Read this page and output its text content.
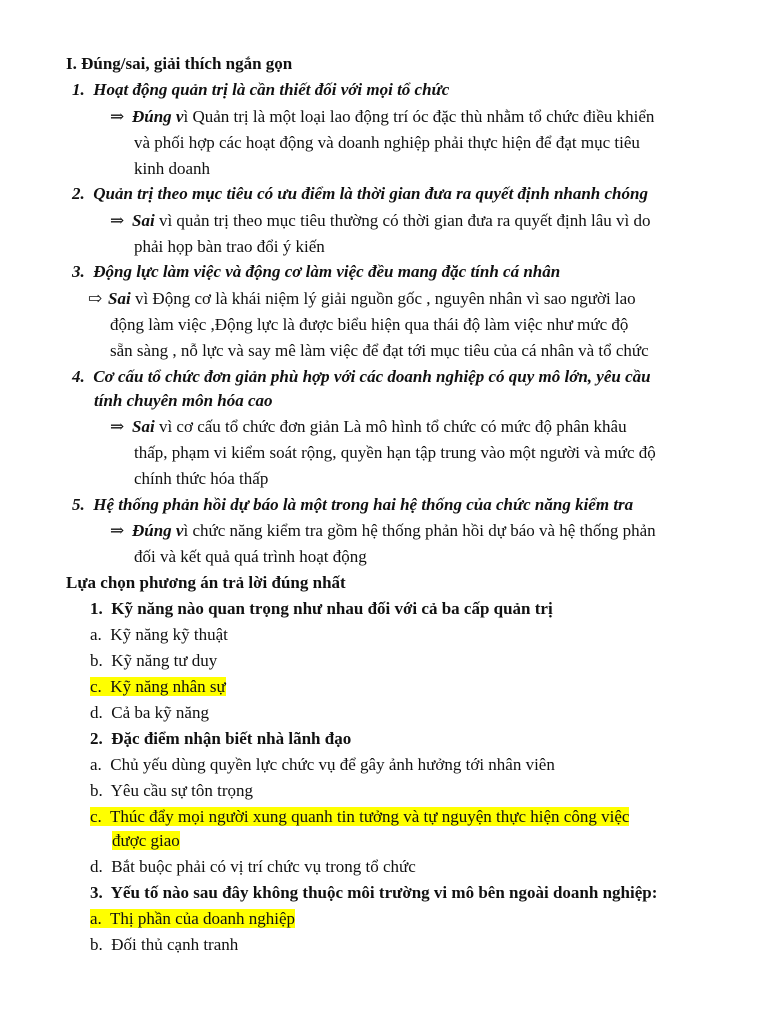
I. Đúng/sai, giải thích ngắn gọn
1. Hoạt động quản trị là cần thiết đối với mọi tổ chức
⇒ Đúng vì Quản trị là một loại lao động trí óc đặc thù nhằm tổ chức điều khiển
và phối hợp các hoạt động và doanh nghiệp phải thực hiện để đạt mục tiêu
kinh doanh
2. Quản trị theo mục tiêu có ưu điểm là thời gian đưa ra quyết định nhanh chóng
⇒ Sai vì quản trị theo mục tiêu thường có thời gian đưa ra quyết định lâu vì do
phải họp bàn trao đổi ý kiến
3. Động lực làm việc và động cơ làm việc đều mang đặc tính cá nhân
⇨ Sai vì Động cơ là khái niệm lý giải nguồn gốc , nguyên nhân vì sao người lao
động làm việc ,Động lực là được biểu hiện qua thái độ làm việc như mức độ
sẵn sàng , nỗ lực và say mê làm việc để đạt tới mục tiêu của cá nhân và tổ chức
4. Cơ cấu tổ chức đơn giản phù hợp với các doanh nghiệp có quy mô lớn, yêu cầu
tính chuyên môn hóa cao
⇒ Sai vì cơ cấu tổ chức đơn giản Là mô hình tổ chức có mức độ phân khâu
thấp, phạm vi kiểm soát rộng, quyền hạn tập trung vào một người và mức độ
chính thức hóa thấp
5. Hệ thống phản hồi dự báo là một trong hai hệ thống của chức năng kiểm tra
⇒ Đúng vì chức năng kiểm tra gồm hệ thống phản hồi dự báo và hệ thống phản
đối và kết quả quá trình hoạt động
Lựa chọn phương án trả lời đúng nhất
1. Kỹ năng nào quan trọng như nhau đối với cả ba cấp quản trị
a. Kỹ năng kỹ thuật
b.  Kỹ năng tư duy
c. Kỹ năng nhân sự
d. Cả ba kỹ năng
2. Đặc điểm nhận biết nhà lãnh đạo
a. Chủ yếu dùng quyền lực chức vụ để gây ảnh hưởng tới nhân viên
b. Yêu cầu sự tôn trọng
c. Thúc đẩy mọi người xung quanh tin tưởng và tự nguyện thực hiện công việc
được giao
d. Bắt buộc phải có vị trí chức vụ trong tổ chức
3. Yếu tố nào sau đây không thuộc môi trường vi mô bên ngoài doanh nghiệp:
a. Thị phần của doanh nghiệp
b. Đối thủ cạnh tranh
